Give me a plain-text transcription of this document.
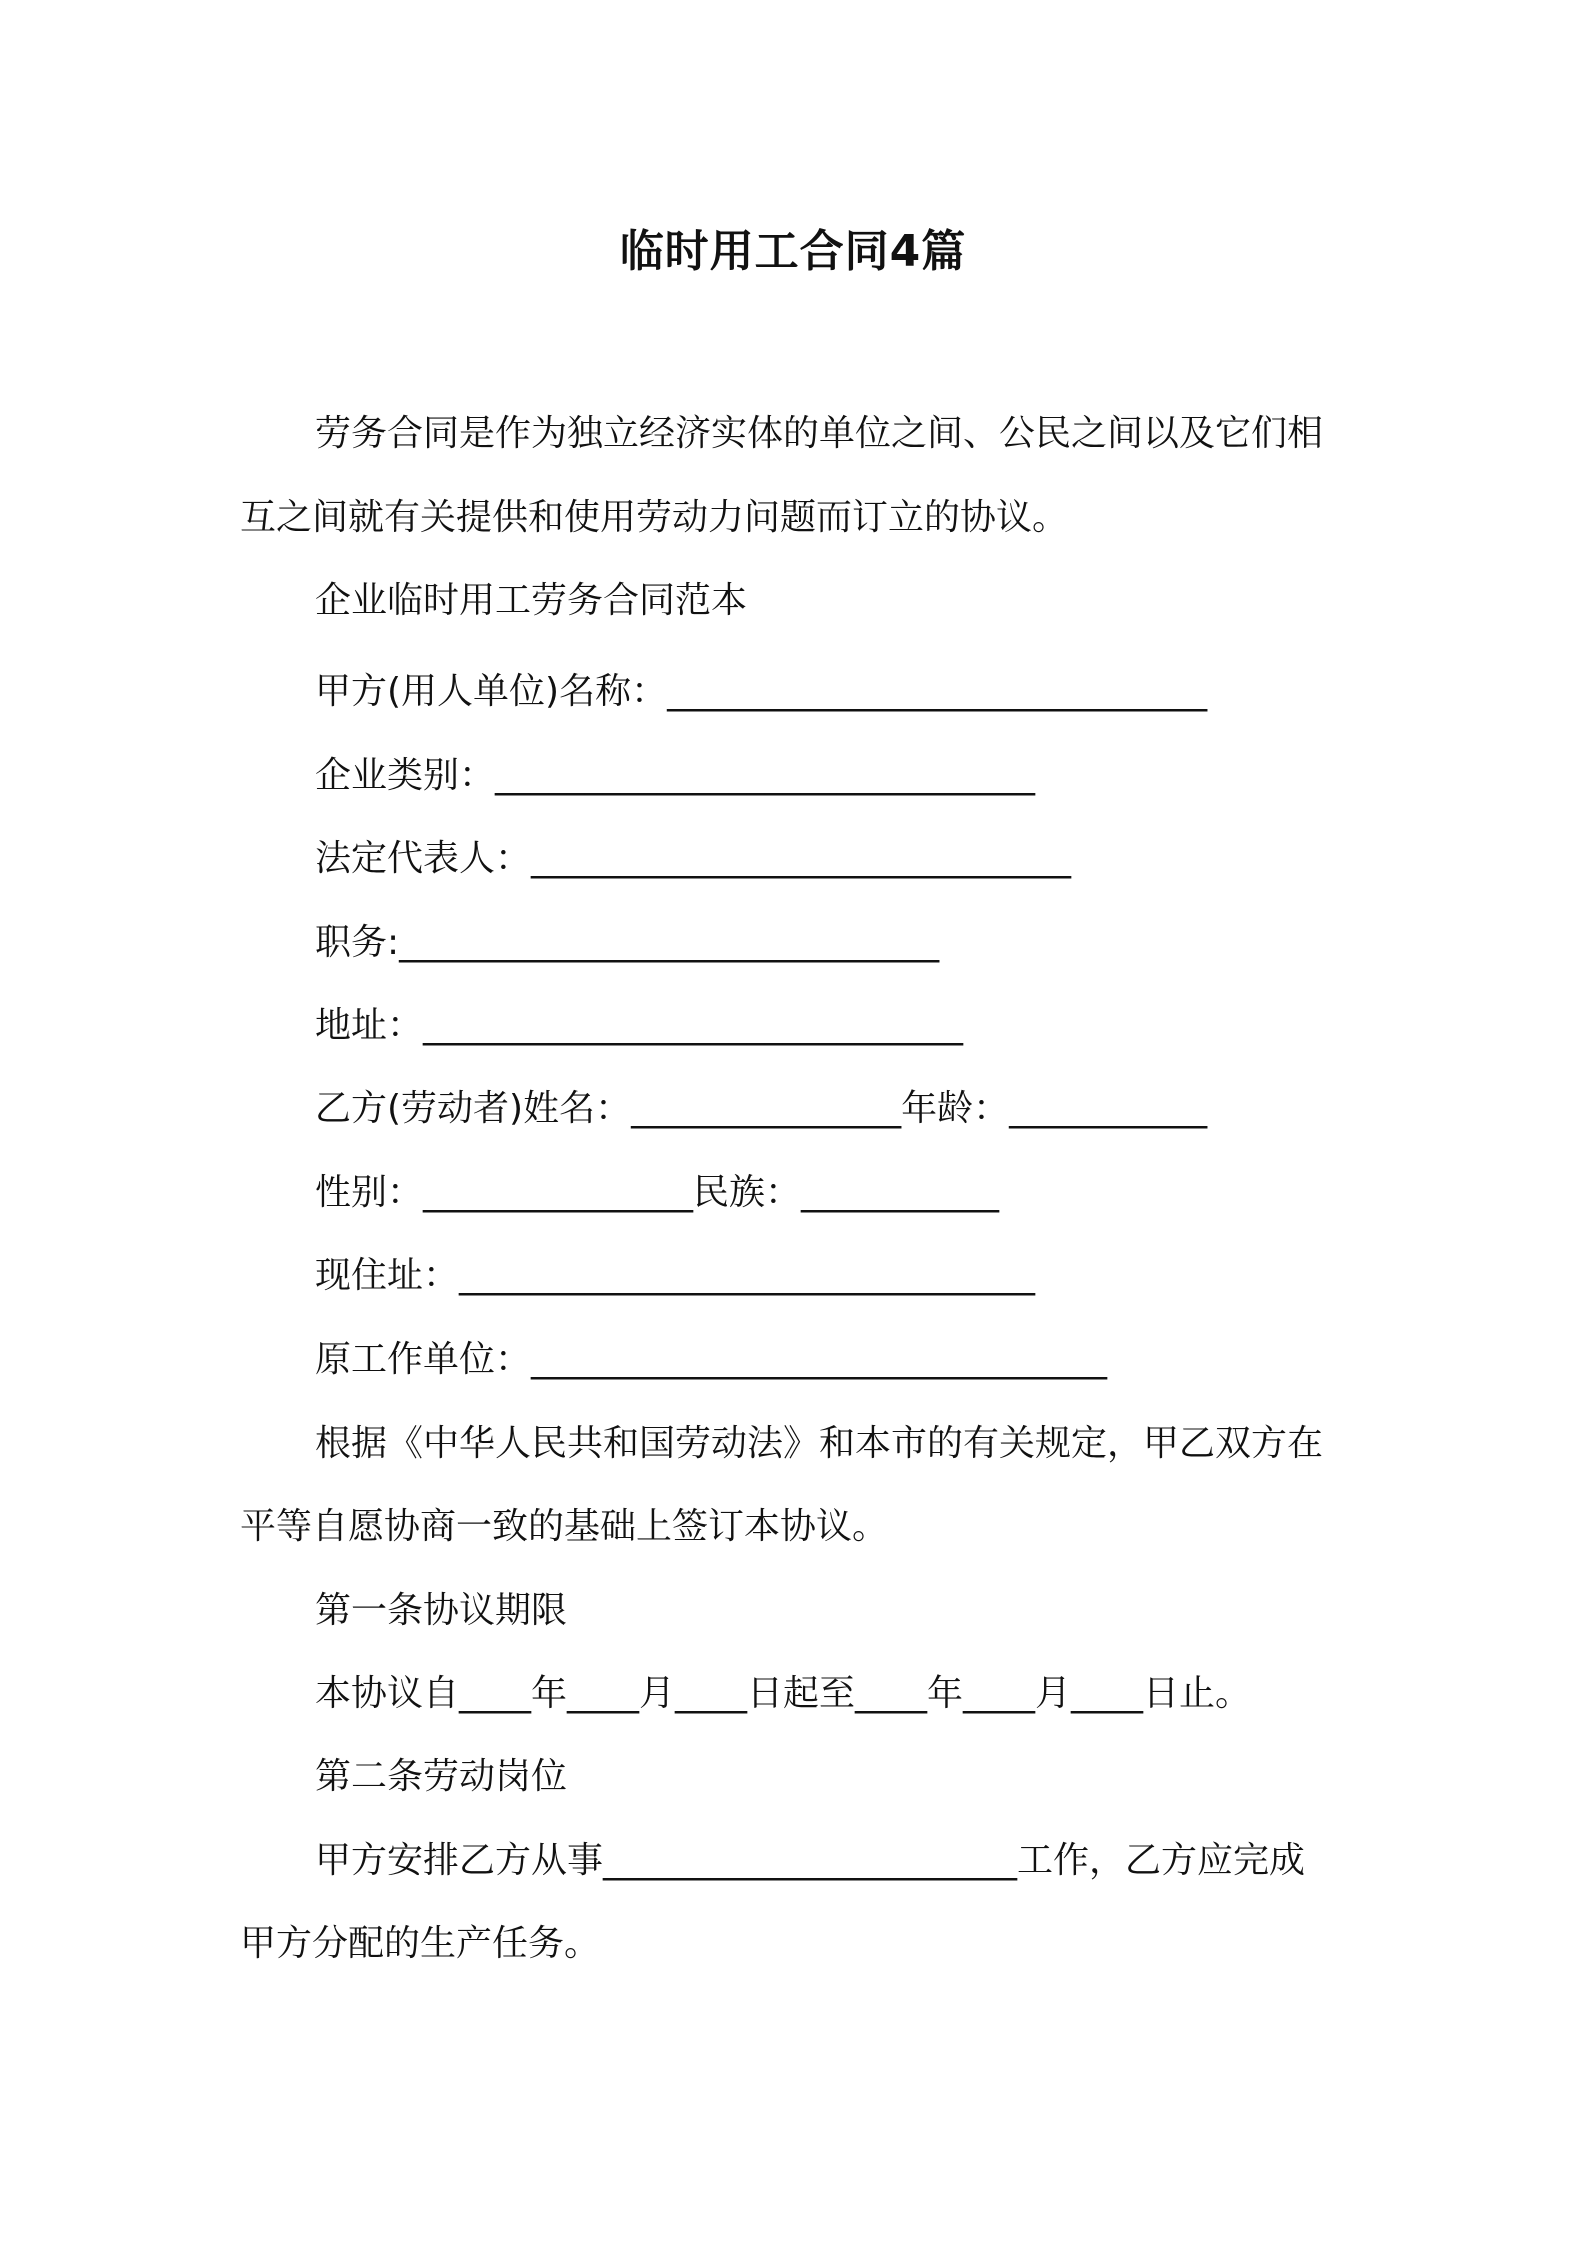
临时用工合同4篇
劳务合同是作为独立经济实体的单位之间、公民之间以及它们相
互之间就有关提供和使用劳动力问题而订立的协议。
企业临时用工劳务合同范本
甲方(用人单位)名称：______________________________
企业类别：______________________________
法定代表人：______________________________
职务:______________________________
地址：______________________________
乙方(劳动者)姓名：_______________年龄：___________
性别：_______________民族：___________
现住址：________________________________
原工作单位：________________________________
根据《中华人民共和国劳动法》和本市的有关规定，甲乙双方在
平等自愿协商一致的基础上签订本协议。
第一条协议期限
本协议自____年____月____日起至____年____月____日止。
第二条劳动岗位
甲方安排乙方从事_______________________工作，乙方应完成
甲方分配的生产任务。
